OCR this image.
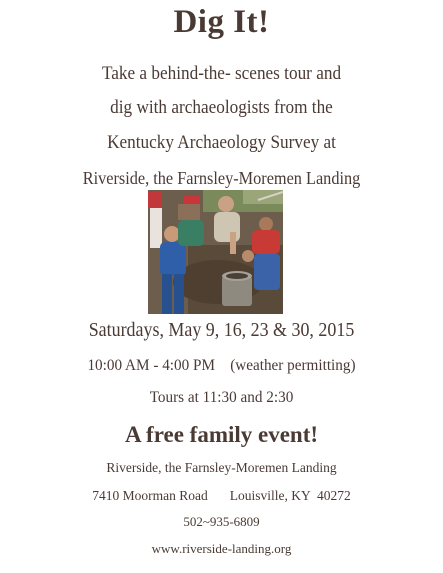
Dig It!
Take a behind-the- scenes tour and
dig with archaeologists from the
Kentucky Archaeology Survey at
Riverside, the Farnsley-Moremen Landing
Saturdays, May 9, 16, 23 & 30, 2015
10:00 AM - 4:00 PM    (weather permitting)
Tours at 11:30 and 2:30
A free family event!
Riverside, the Farnsley-Moremen Landing
7410 Moorman Road Louisville, KY  40272
502~935-6809
www.riverside-landing.org
